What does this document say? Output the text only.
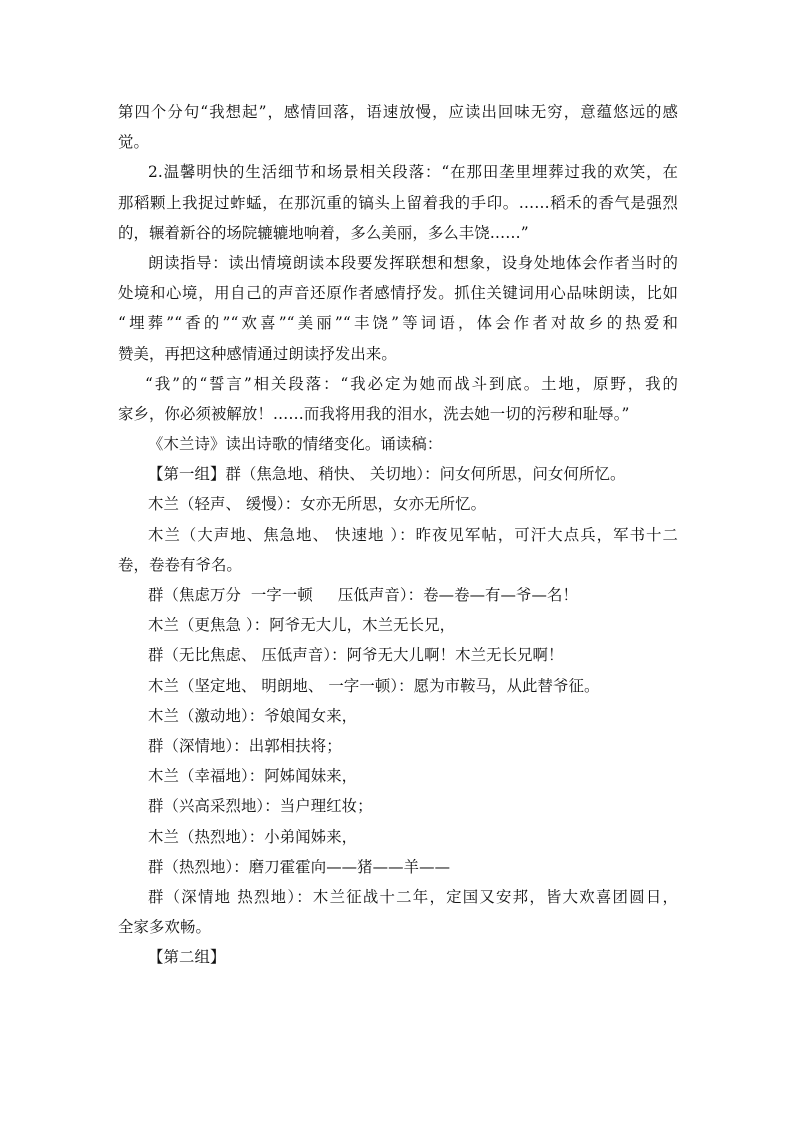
第四个分句“我想起”，感情回落，语速放慢，应读出回味无穷，意蕴悠远的感
觉。
2.温馨明快的生活细节和场景相关段落：“在那田垄里埋葬过我的欢笑，在
那稻颗上我捉过蚱蜢，在那沉重的镐头上留着我的手印。……稻禾的香气是强烈
的，辗着新谷的场院辘辘地响着，多么美丽，多么丰饶……”
朗读指导：读出情境朗读本段要发挥联想和想象，设身处地体会作者当时的
处境和心境，用自己的声音还原作者感情抒发。抓住关键词用心品味朗读，比如
“埋葬”“香的”“欢喜”“美丽”“丰饶”等词语，体会作者对故乡的热爱和
赞美，再把这种感情通过朗读抒发出来。
“我”的“誓言”相关段落：“我必定为她而战斗到底。土地，原野，我的
家乡，你必须被解放！……而我将用我的泪水，洗去她一切的污秽和耻辱。”
《木兰诗》读出诗歌的情绪变化。诵读稿：
【第一组】群（焦急地、稍快、 关切地）：问女何所思，问女何所忆。
木兰（轻声、 缓慢）：女亦无所思，女亦无所忆。
木兰（大声地、焦急地、 快速地 ）：昨夜见军帖，可汗大点兵，军书十二
卷，卷卷有爷名。
群（焦虑万分  一字一顿     压低声音）：卷—卷—有—爷—名！
木兰（更焦急 ）：阿爷无大儿，木兰无长兄，
群（无比焦虑、 压低声音）：阿爷无大儿啊！木兰无长兄啊！
木兰（坚定地、 明朗地、 一字一顿）：愿为市鞍马，从此替爷征。
木兰（激动地）：爷娘闻女来，
群（深情地）：出郭相扶将；
木兰（幸福地）：阿姊闻妹来，
群（兴高采烈地）：当户理红妆；
木兰（热烈地）：小弟闻姊来，
群（热烈地）：磨刀霍霍向——猪——羊——
群（深情地 热烈地）：木兰征战十二年，定国又安邦，皆大欢喜团圆日，
全家多欢畅。
【第二组】
